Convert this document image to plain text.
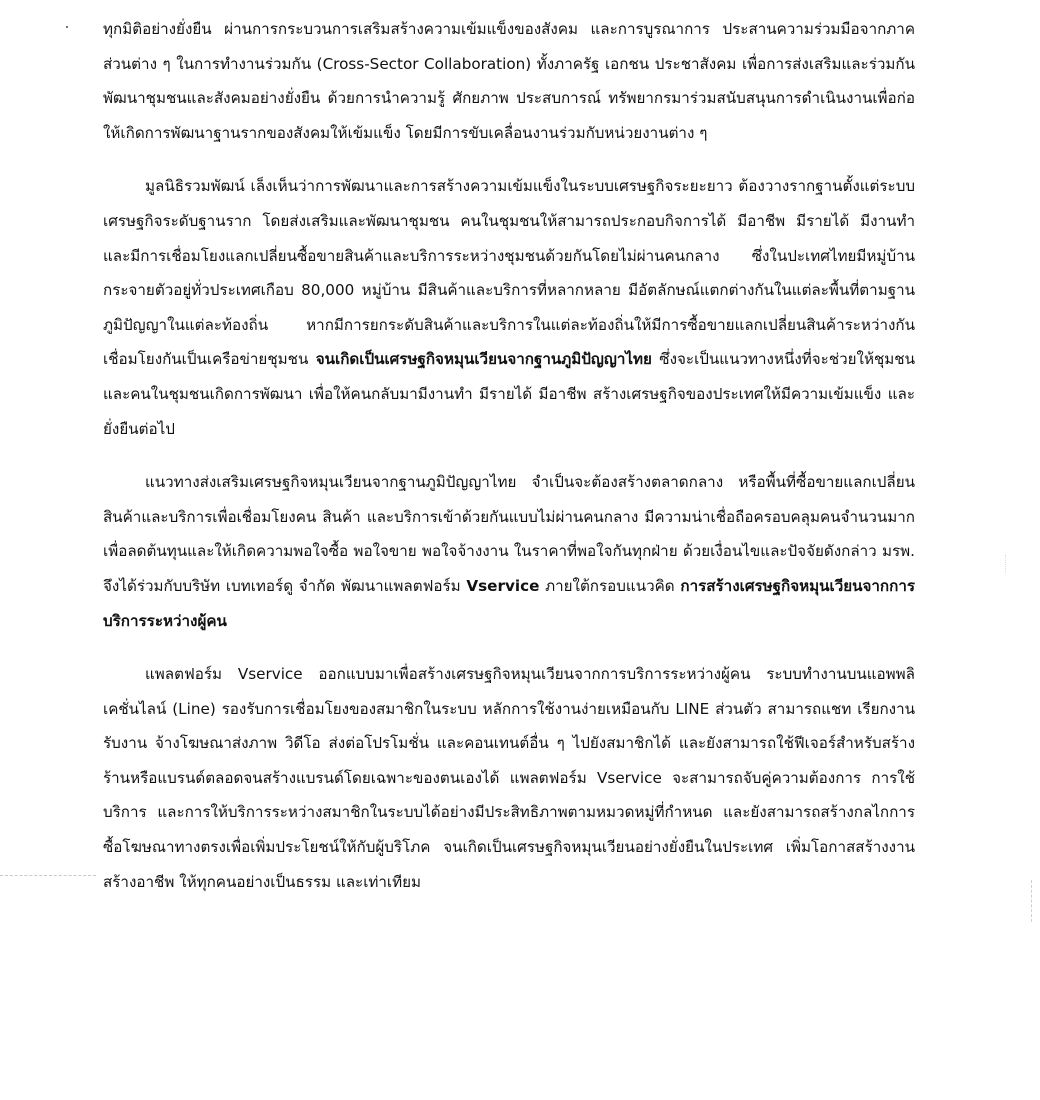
ทุกมิติอย่างยั่งยืน ผ่านการกระบวนการเสริมสร้างความเข้มแข็งของสังคม และการบูรณาการ ประสานความร่วมมือจากภาคส่วนต่าง ๆ ในการทำงานร่วมกัน (Cross-Sector Collaboration) ทั้งภาครัฐ เอกชน ประชาสังคม เพื่อการส่งเสริมและร่วมกันพัฒนาชุมชนและสังคมอย่างยั่งยืน ด้วยการนำความรู้ ศักยภาพ ประสบการณ์ ทรัพยากรมาร่วมสนับสนุนการดำเนินงานเพื่อก่อให้เกิดการพัฒนาฐานรากของสังคมให้เข้มแข็ง โดยมีการขับเคลื่อนงานร่วมกับหน่วยงานต่าง ๆ

มูลนิธิรวมพัฒน์ เล็งเห็นว่าการพัฒนาและการสร้างความเข้มแข็งในระบบเศรษฐกิจระยะยาว ต้องวางรากฐานตั้งแต่ระบบเศรษฐกิจระดับฐานราก โดยส่งเสริมและพัฒนาชุมชน คนในชุมชนให้สามารถประกอบกิจการได้ มีอาชีพ มีรายได้ มีงานทำ และมีการเชื่อมโยงแลกเปลี่ยนซื้อขายสินค้าและบริการระหว่างชุมชนด้วยกันโดยไม่ผ่านคนกลาง ซึ่งในปะเทศไทยมีหมู่บ้านกระจายตัวอยู่ทั่วประเทศเกือบ 80,000 หมู่บ้าน มีสินค้าและบริการที่หลากหลาย มีอัตลักษณ์แตกต่างกันในแต่ละพื้นที่ตามฐานภูมิปัญญาในแต่ละท้องถิ่น หากมีการยกระดับสินค้าและบริการในแต่ละท้องถิ่นให้มีการซื้อขายแลกเปลี่ยนสินค้าระหว่างกัน เชื่อมโยงกันเป็นเครือข่ายชุมชน จนเกิดเป็นเศรษฐกิจหมุนเวียนจากฐานภูมิปัญญาไทย ซึ่งจะเป็นแนวทางหนึ่งที่จะช่วยให้ชุมชนและคนในชุมชนเกิดการพัฒนา เพื่อให้คนกลับมามีงานทำ มีรายได้ มีอาชีพ สร้างเศรษฐกิจของประเทศให้มีความเข้มแข็ง และยั่งยืนต่อไป

แนวทางส่งเสริมเศรษฐกิจหมุนเวียนจากฐานภูมิปัญญาไทย จำเป็นจะต้องสร้างตลาดกลาง หรือพื้นที่ซื้อขายแลกเปลี่ยนสินค้าและบริการเพื่อเชื่อมโยงคน สินค้า และบริการเข้าด้วยกันแบบไม่ผ่านคนกลาง มีความน่าเชื่อถือครอบคลุมคนจำนวนมาก เพื่อลดต้นทุนและให้เกิดความพอใจซื้อ พอใจขาย พอใจจ้างงาน ในราคาที่พอใจกันทุกฝ่าย ด้วยเงื่อนไขและปัจจัยดังกล่าว มรพ. จึงได้ร่วมกับบริษัท เบทเทอร์ดู จำกัด พัฒนาแพลตฟอร์ม Vservice ภายใต้กรอบแนวคิด การสร้างเศรษฐกิจหมุนเวียนจากการบริการระหว่างผู้คน

แพลตฟอร์ม Vservice ออกแบบมาเพื่อสร้างเศรษฐกิจหมุนเวียนจากการบริการระหว่างผู้คน ระบบทำงานบนแอพพลิเคชั่นไลน์ (Line) รองรับการเชื่อมโยงของสมาชิกในระบบ หลักการใช้งานง่ายเหมือนกับ LINE ส่วนตัว สามารถแชท เรียกงาน รับงาน จ้างโฆษณาส่งภาพ วิดีโอ ส่งต่อโปรโมชั่น และคอนเทนต์อื่น ๆ ไปยังสมาชิกได้ และยังสามารถใช้ฟีเจอร์สำหรับสร้างร้านหรือแบรนด์ตลอดจนสร้างแบรนด์โดยเฉพาะของตนเองได้ แพลตฟอร์ม Vservice จะสามารถจับคู่ความต้องการ การใช้บริการ และการให้บริการระหว่างสมาชิกในระบบได้อย่างมีประสิทธิภาพตามหมวดหมู่ที่กำหนด และยังสามารถสร้างกลไกการซื้อโฆษณาทางตรงเพื่อเพิ่มประโยชน์ให้กับผู้บริโภค จนเกิดเป็นเศรษฐกิจหมุนเวียนอย่างยั่งยืนในประเทศ เพิ่มโอกาสสร้างงาน สร้างอาชีพ ให้ทุกคนอย่างเป็นธรรม และเท่าเทียม
